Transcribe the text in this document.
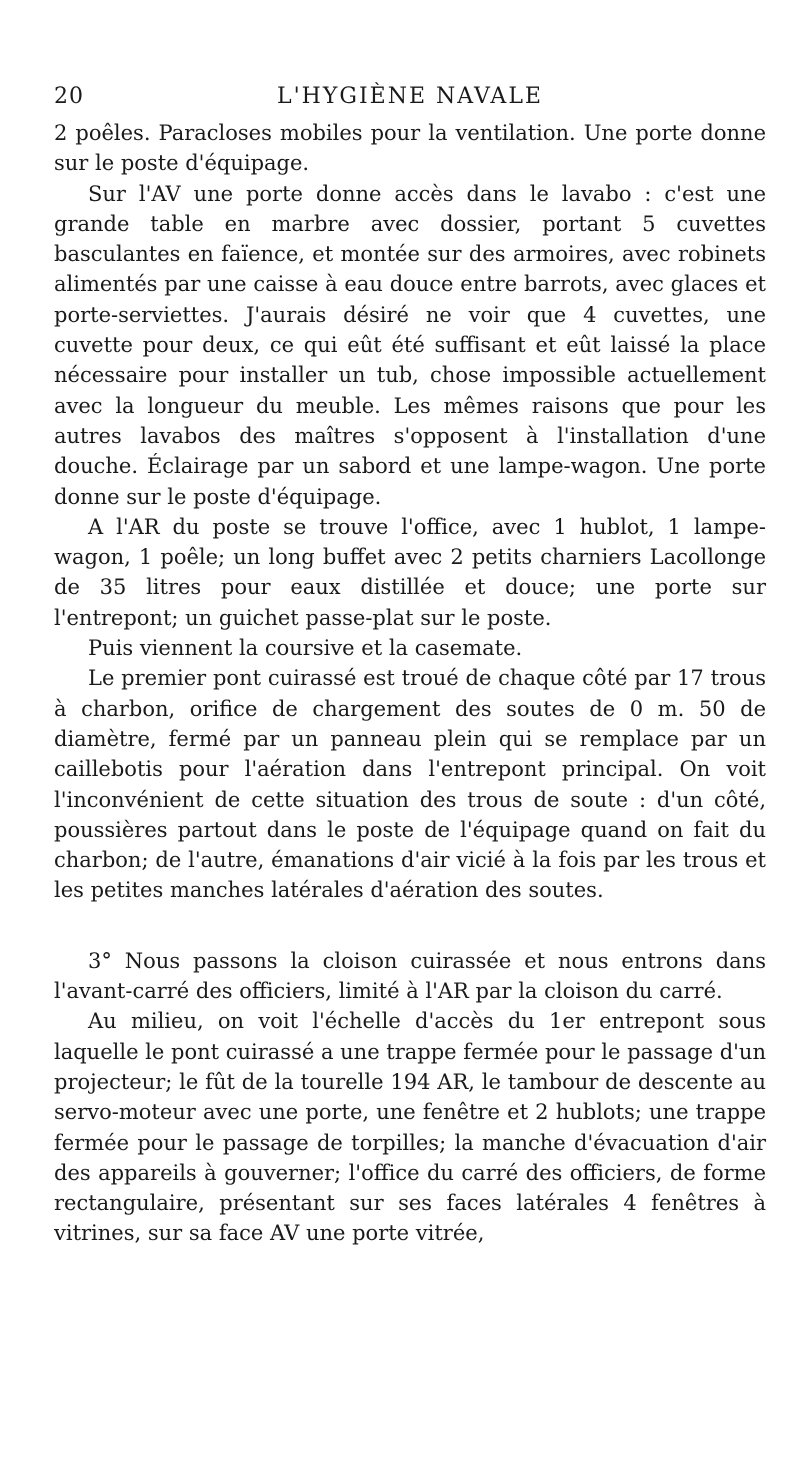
20	L'HYGIÈNE NAVALE

2 poêles. Paracloses mobiles pour la ventilation. Une porte donne sur le poste d'équipage.

Sur l'AV une porte donne accès dans le lavabo : c'est une grande table en marbre avec dossier, portant 5 cuvettes basculantes en faïence, et montée sur des armoires, avec robinets alimentés par une caisse à eau douce entre barrots, avec glaces et porte-serviettes. J'aurais désiré ne voir que 4 cuvettes, une cuvette pour deux, ce qui eût été suffisant et eût laissé la place nécessaire pour installer un tub, chose impossible actuellement avec la longueur du meuble. Les mêmes raisons que pour les autres lavabos des maîtres s'opposent à l'installation d'une douche. Éclairage par un sabord et une lampe-wagon. Une porte donne sur le poste d'équipage.

A l'AR du poste se trouve l'office, avec 1 hublot, 1 lampe-wagon, 1 poêle; un long buffet avec 2 petits charniers Lacollonge de 35 litres pour eaux distillée et douce; une porte sur l'entrepont; un guichet passe-plat sur le poste.

Puis viennent la coursive et la casemate.

Le premier pont cuirassé est troué de chaque côté par 17 trous à charbon, orifice de chargement des soutes de 0 m. 50 de diamètre, fermé par un panneau plein qui se remplace par un caillebotis pour l'aération dans l'entrepont principal. On voit l'inconvénient de cette situation des trous de soute : d'un côté, poussières partout dans le poste de l'équipage quand on fait du charbon; de l'autre, émanations d'air vicié à la fois par les trous et les petites manches latérales d'aération des soutes.

3° Nous passons la cloison cuirassée et nous entrons dans l'avant-carré des officiers, limité à l'AR par la cloison du carré.

Au milieu, on voit l'échelle d'accès du 1er entrepont sous laquelle le pont cuirassé a une trappe fermée pour le passage d'un projecteur; le fût de la tourelle 194 AR, le tambour de descente au servo-moteur avec une porte, une fenêtre et 2 hublots; une trappe fermée pour le passage de torpilles; la manche d'évacuation d'air des appareils à gouverner; l'office du carré des officiers, de forme rectangulaire, présentant sur ses faces latérales 4 fenêtres à vitrines, sur sa face AV une porte vitrée,
